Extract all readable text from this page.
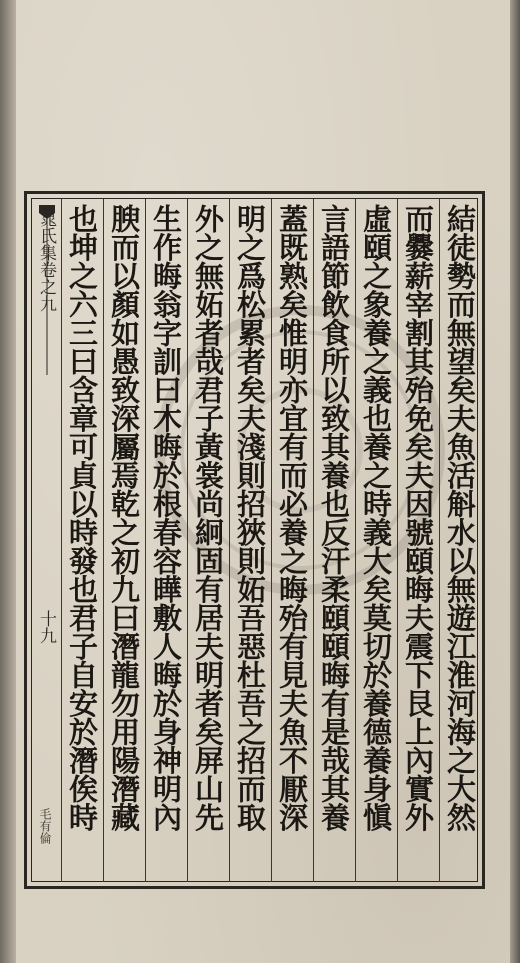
晁氏集卷之九
十九
毛有倫	結徒勢而無望矣夫魚活斛水以無遊江淮河海之大然
而爨薪宰割其殆免矣夫因號頤晦夫震下艮上內實外
虛頤之象養之義也養之時義大矣莫切於養德養身愼
言語節飲食所以致其養也反汗柔頤頤晦有是哉其養
蓋既熟矣惟明亦宜有而必養之晦殆有見夫魚不厭深
明之爲松累者矣夫淺則招狹則妬吾惡杜吾之招而取
外之無妬者哉君子黃裳尚絅固有居夫明者矣屏山先
生作晦翁字訓曰木晦於根春容曄敷人晦於身神明內
腴而以顏如愚致深屬焉乾之初九曰潛龍勿用陽潛藏
也坤之六三曰含章可貞以時發也君子自安於潛俟時
